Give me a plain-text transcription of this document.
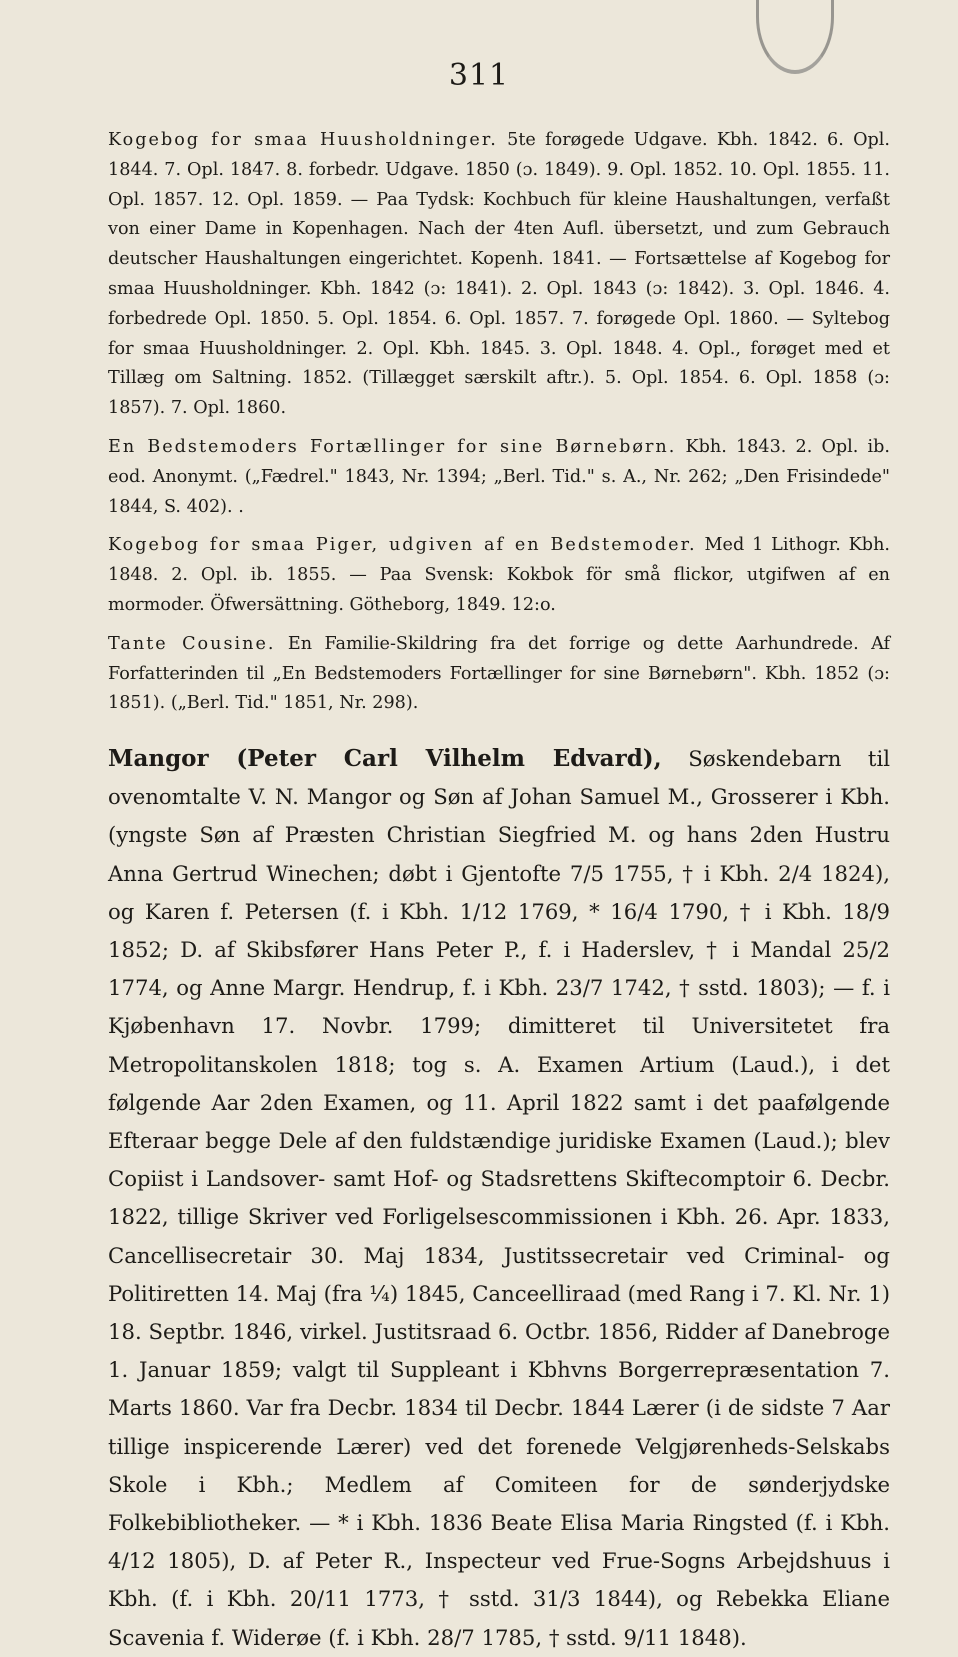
311

Kogebog for smaa Huusholdninger. 5te forøgede Udgave. Kbh. 1842. 6. Opl. 1844. 7. Opl. 1847. 8. forbedr. Udgave. 1850 (ɔ. 1849). 9. Opl. 1852. 10. Opl. 1855. 11. Opl. 1857. 12. Opl. 1859. — Paa Tydsk: Kochbuch für kleine Haushaltungen, verfaßt von einer Dame in Kopenhagen. Nach der 4ten Aufl. übersetzt, und zum Gebrauch deutscher Haushaltungen eingerichtet. Kopenh. 1841. — Fortsættelse af Kogebog for smaa Huusholdninger. Kbh. 1842 (ɔ: 1841). 2. Opl. 1843 (ɔ: 1842). 3. Opl. 1846. 4. forbedrede Opl. 1850. 5. Opl. 1854. 6. Opl. 1857. 7. forøgede Opl. 1860. — Syltebog for smaa Huusholdninger. 2. Opl. Kbh. 1845. 3. Opl. 1848. 4. Opl., forøget med et Tillæg om Saltning. 1852. (Tillægget særskilt aftr.). 5. Opl. 1854. 6. Opl. 1858 (ɔ: 1857). 7. Opl. 1860.

En Bedstemoders Fortællinger for sine Børnebørn. Kbh. 1843. 2. Opl. ib. eod. Anonymt. („Fædrel." 1843, Nr. 1394; „Berl. Tid." s. A., Nr. 262; „Den Frisindede" 1844, S. 402). .

Kogebog for smaa Piger, udgiven af en Bedstemoder. Med 1 Lithogr. Kbh. 1848. 2. Opl. ib. 1855. — Paa Svensk: Kokbok för små flickor, utgifwen af en mormoder. Öfwersättning. Götheborg, 1849. 12:o.

Tante Cousine. En Familie-Skildring fra det forrige og dette Aarhundrede. Af Forfatterinden til „En Bedstemoders Fortællinger for sine Børnebørn". Kbh. 1852 (ɔ: 1851). („Berl. Tid." 1851, Nr. 298).

Mangor (Peter Carl Vilhelm Edvard), Søskendebarn til ovenomtalte V. N. Mangor og Søn af Johan Samuel M., Grosserer i Kbh. (yngste Søn af Præsten Christian Siegfried M. og hans 2den Hustru Anna Gertrud Winechen; døbt i Gjentofte 7/5 1755, † i Kbh. 2/4 1824), og Karen f. Petersen (f. i Kbh. 1/12 1769, * 16/4 1790, † i Kbh. 18/9 1852; D. af Skibsfører Hans Peter P., f. i Haderslev, † i Mandal 25/2 1774, og Anne Margr. Hendrup, f. i Kbh. 23/7 1742, † sstd. 1803); — f. i Kjøbenhavn 17. Novbr. 1799; dimitteret til Universitetet fra Metropolitanskolen 1818; tog s. A. Examen Artium (Laud.), i det følgende Aar 2den Examen, og 11. April 1822 samt i det paafølgende Efteraar begge Dele af den fuldstændige juridiske Examen (Laud.); blev Copiist i Landsover- samt Hof- og Stadsrettens Skiftecomptoir 6. Decbr. 1822, tillige Skriver ved Forligelsescommissionen i Kbh. 26. Apr. 1833, Cancellisecretair 30. Maj 1834, Justitssecretair ved Criminal- og Politiretten 14. Maj (fra ¼) 1845, Canceelliraad (med Rang i 7. Kl. Nr. 1) 18. Septbr. 1846, virkel. Justitsraad 6. Octbr. 1856, Ridder af Danebroge 1. Januar 1859; valgt til Suppleant i Kbhvns Borgerrepræsentation 7. Marts 1860. Var fra Decbr. 1834 til Decbr. 1844 Lærer (i de sidste 7 Aar tillige inspicerende Lærer) ved det forenede Velgjørenheds-Selskabs Skole i Kbh.; Medlem af Comiteen for de sønderjydske Folkebibliotheker. — * i Kbh. 1836 Beate Elisa Maria Ringsted (f. i Kbh. 4/12 1805), D. af Peter R., Inspecteur ved Frue-Sogns Arbejdshuus i Kbh. (f. i Kbh. 20/11 1773, † sstd. 31/3 1844), og Rebekka Eliane Scavenia f. Widerøe (f. i Kbh. 28/7 1785, † sstd. 9/11 1848).
